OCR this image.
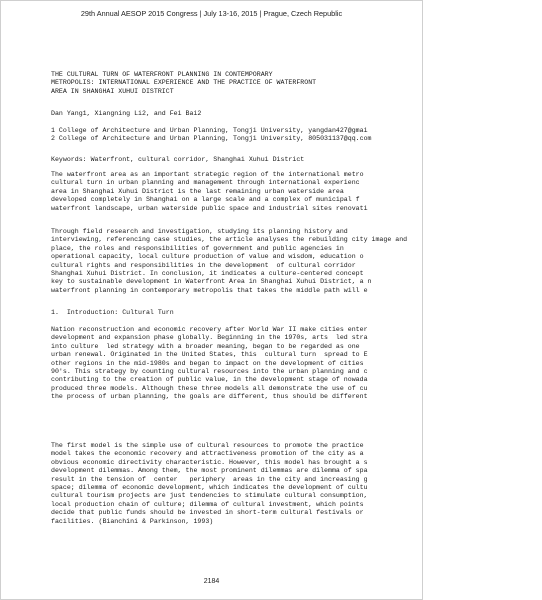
29th Annual AESOP 2015 Congress | July 13-16, 2015 | Prague, Czech Republic

THE CULTURAL TURN OF WATERFRONT PLANNING IN CONTEMPORARY
METROPOLIS: INTERNATIONAL EXPERIENCE AND THE PRACTICE OF WATERFRONT
AREA IN SHANGHAI XUHUI DISTRICT

Dan Yang1, Xiangning Li2, and Fei Bai2

1 College of Architecture and Urban Planning, Tongji University, yangdan427@gmai
2 College of Architecture and Urban Planning, Tongji University, 805031137@qq.com

Keywords: Waterfront, cultural corridor, Shanghai Xuhui District

The waterfront area as an important strategic region of the international metro
cultural turn in urban planning and management through international experienc
area in Shanghai Xuhui District is the last remaining urban waterside area
developed completely in Shanghai on a large scale and a complex of municipal f
waterfront landscape, urban waterside public space and industrial sites renovati

Through field research and investigation, studying its planning history and
interviewing, referencing case studies, the article analyses the rebuilding city image and
place, the roles and responsibilities of government and public agencies in
operational capacity, local culture production of value and wisdom, education o
cultural rights and responsibilities in the development  of cultural corridor
Shanghai Xuhui District. In conclusion, it indicates a culture-centered concept
key to sustainable development in Waterfront Area in Shanghai Xuhui District, a n
waterfront planning in contemporary metropolis that takes the middle path will e

1.  Introduction: Cultural Turn

Nation reconstruction and economic recovery after World War II make cities enter
development and expansion phase globally. Beginning in the 1970s, arts  led stra
into culture  led strategy with a broader meaning, began to be regarded as one
urban renewal. Originated in the United States, this  cultural turn  spread to E
other regions in the mid-1980s and began to impact on the development of cities
90's. This strategy by counting cultural resources into the urban planning and c
contributing to the creation of public value, in the development stage of nowada
produced three models. Although these three models all demonstrate the use of cu
the process of urban planning, the goals are different, thus should be different

The first model is the simple use of cultural resources to promote the practice
model takes the economic recovery and attractiveness promotion of the city as a
obvious economic directivity characteristic. However, this model has brought a s
development dilemmas. Among them, the most prominent dilemmas are dilemma of spa
result in the tension of  center   periphery  areas in the city and increasing g
space; dilemma of economic development, which indicates the development of cultu
cultural tourism projects are just tendencies to stimulate cultural consumption,
local production chain of culture; dilemma of cultural investment, which points
decide that public funds should be invested in short-term cultural festivals or
facilities. (Bianchini & Parkinson, 1993)

2184
